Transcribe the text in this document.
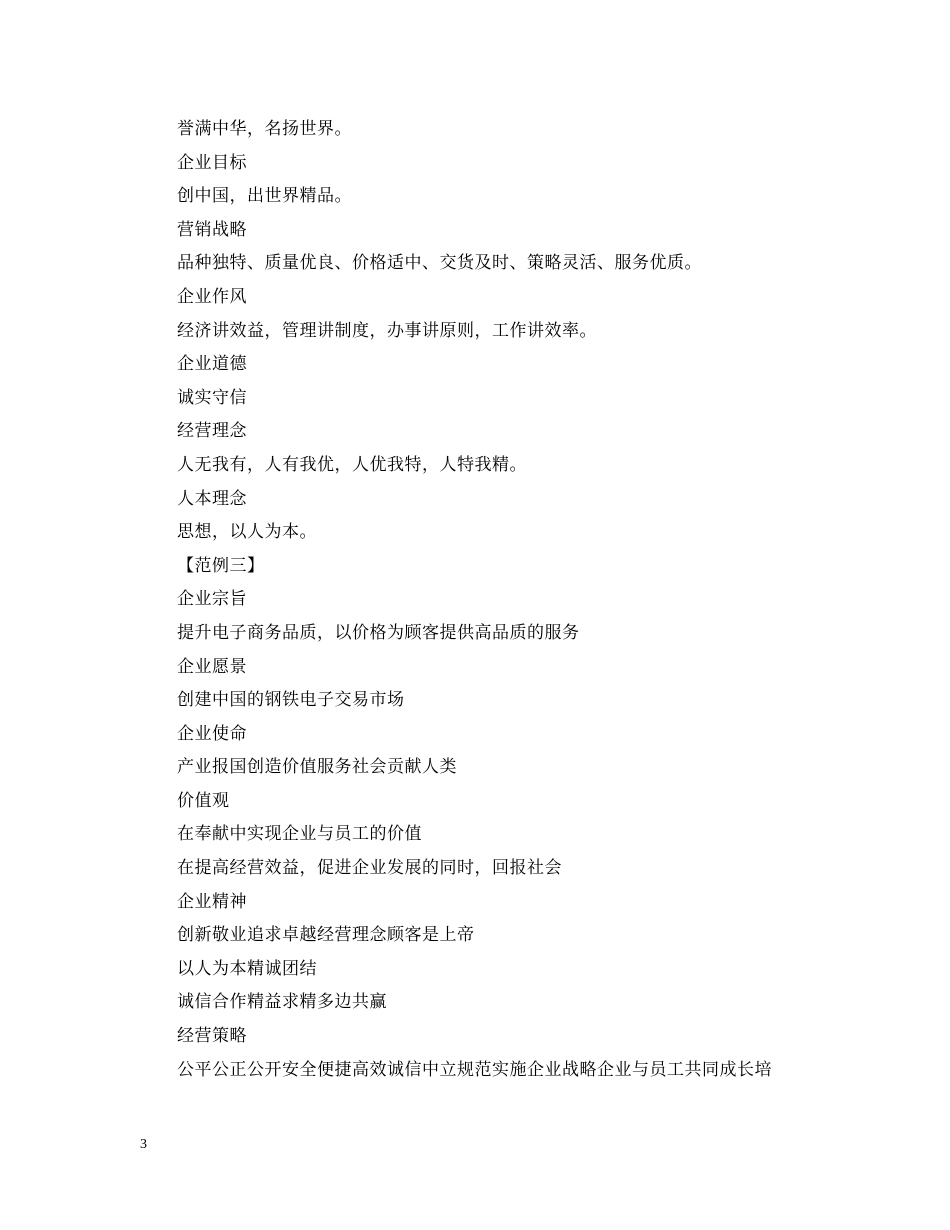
誉满中华，名扬世界。
企业目标
创中国，出世界精品。
营销战略
品种独特、质量优良、价格适中、交货及时、策略灵活、服务优质。
企业作风
经济讲效益，管理讲制度，办事讲原则，工作讲效率。
企业道德
诚实守信
经营理念
人无我有，人有我优，人优我特，人特我精。
人本理念
思想，以人为本。
【范例三】
企业宗旨
提升电子商务品质，以价格为顾客提供高品质的服务
企业愿景
创建中国的钢铁电子交易市场
企业使命
产业报国创造价值服务社会贡献人类
价值观
在奉献中实现企业与员工的价值
在提高经营效益，促进企业发展的同时，回报社会
企业精神
创新敬业追求卓越经营理念顾客是上帝
以人为本精诚团结
诚信合作精益求精多边共赢
经营策略
公平公正公开安全便捷高效诚信中立规范实施企业战略企业与员工共同成长培
3
